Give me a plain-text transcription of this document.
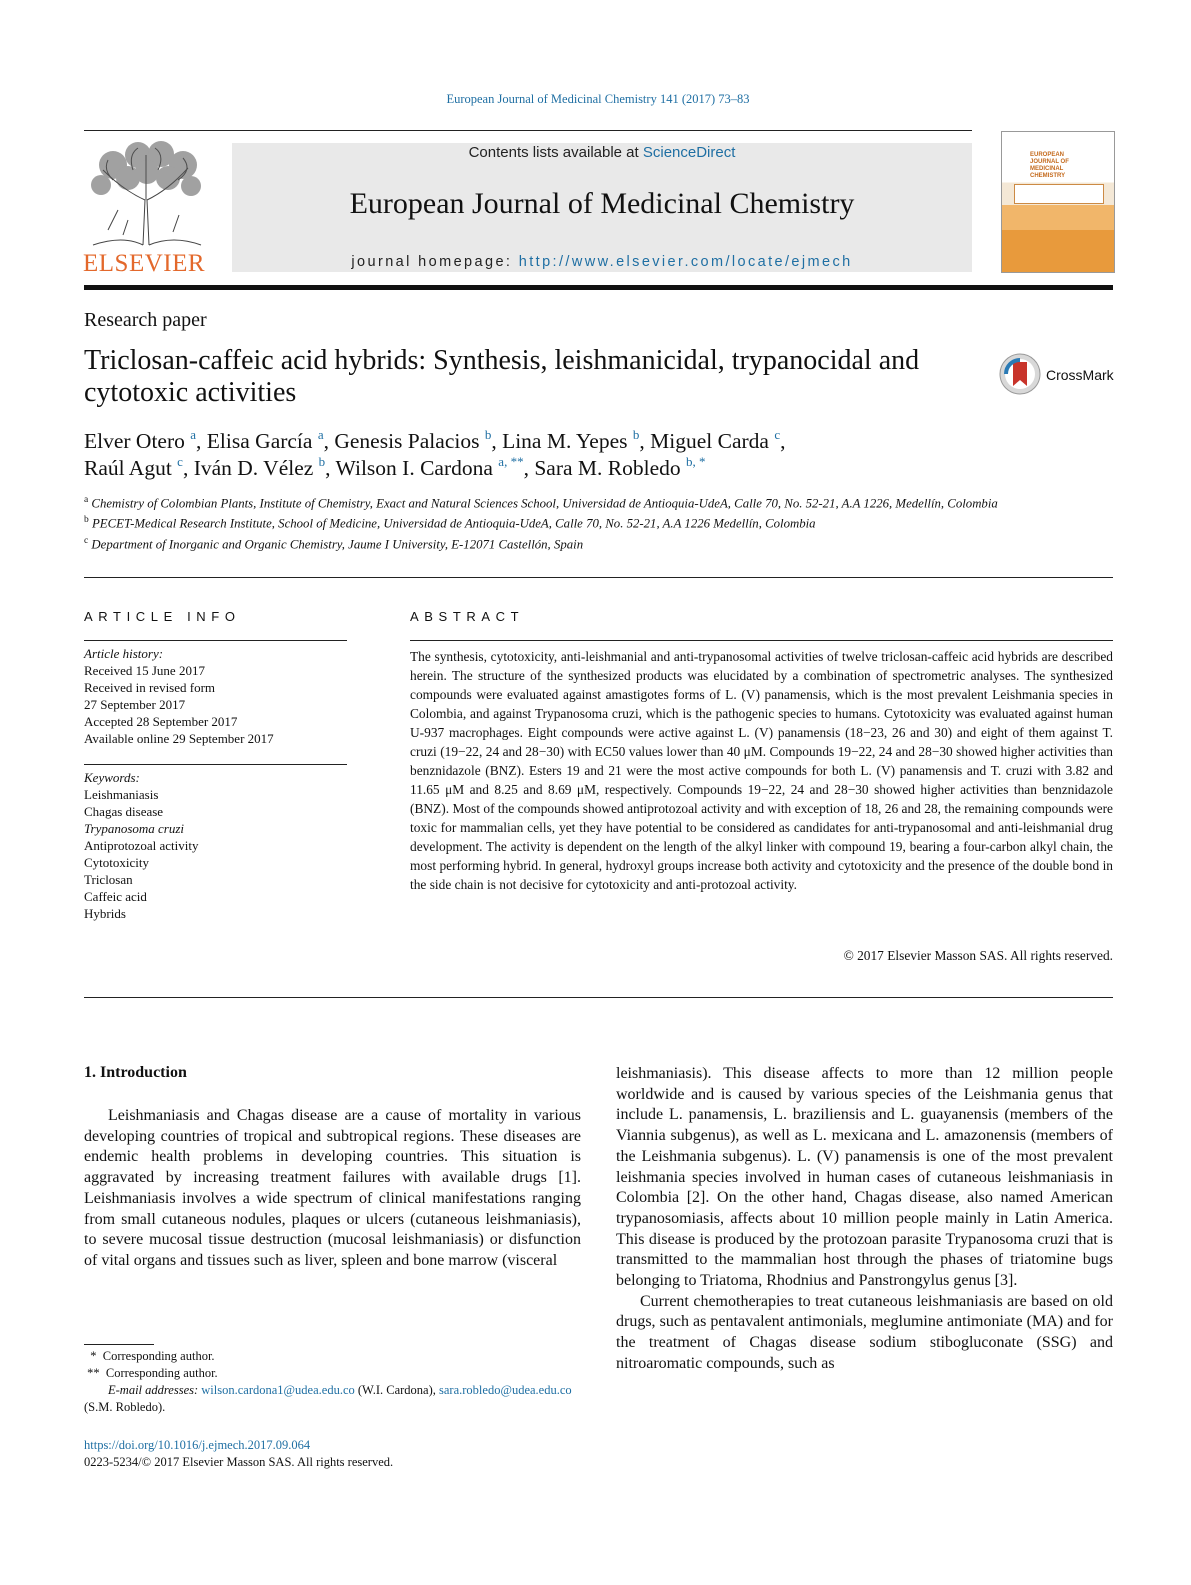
European Journal of Medicinal Chemistry 141 (2017) 73–83
ELSEVIER
Contents lists available at ScienceDirect
European Journal of Medicinal Chemistry
journal homepage: http://www.elsevier.com/locate/ejmech
EUROPEAN JOURNAL OF MEDICINAL CHEMISTRY
Research paper
Triclosan-caffeic acid hybrids: Synthesis, leishmanicidal, trypanocidal and cytotoxic activities
CrossMark
Elver Otero $^a$, Elisa García $^a$, Genesis Palacios $^b$, Lina M. Yepes $^b$, Miguel Carda $^c$,
Raúl Agut $^c$, Iván D. Vélez $^b$, Wilson I. Cardona $^{a, **}$, Sara M. Robledo $^{b, *}$
$^a$ Chemistry of Colombian Plants, Institute of Chemistry, Exact and Natural Sciences School, Universidad de Antioquia-UdeA, Calle 70, No. 52-21, A.A 1226, Medellín, Colombia
$^b$ PECET-Medical Research Institute, School of Medicine, Universidad de Antioquia-UdeA, Calle 70, No. 52-21, A.A 1226 Medellín, Colombia
$^c$ Department of Inorganic and Organic Chemistry, Jaume I University, E-12071 Castellón, Spain
ARTICLE INFO
Article history:
Received 15 June 2017
Received in revised form
27 September 2017
Accepted 28 September 2017
Available online 29 September 2017
Keywords:
Leishmaniasis
Chagas disease
Trypanosoma cruzi
Antiprotozoal activity
Cytotoxicity
Triclosan
Caffeic acid
Hybrids
ABSTRACT
The synthesis, cytotoxicity, anti-leishmanial and anti-trypanosomal activities of twelve triclosan-caffeic acid hybrids are described herein. The structure of the synthesized products was elucidated by a combination of spectrometric analyses. The synthesized compounds were evaluated against amastigotes forms of L. (V) panamensis, which is the most prevalent Leishmania species in Colombia, and against Trypanosoma cruzi, which is the pathogenic species to humans. Cytotoxicity was evaluated against human U-937 macrophages. Eight compounds were active against L. (V) panamensis (18−23, 26 and 30) and eight of them against T. cruzi (19−22, 24 and 28−30) with EC50 values lower than 40 μM. Compounds 19−22, 24 and 28−30 showed higher activities than benznidazole (BNZ). Esters 19 and 21 were the most active compounds for both L. (V) panamensis and T. cruzi with 3.82 and 11.65 μM and 8.25 and 8.69 μM, respectively. Compounds 19−22, 24 and 28−30 showed higher activities than benznidazole (BNZ). Most of the compounds showed antiprotozoal activity and with exception of 18, 26 and 28, the remaining compounds were toxic for mammalian cells, yet they have potential to be considered as candidates for anti-trypanosomal and anti-leishmanial drug development. The activity is dependent on the length of the alkyl linker with compound 19, bearing a four-carbon alkyl chain, the most performing hybrid. In general, hydroxyl groups increase both activity and cytotoxicity and the presence of the double bond in the side chain is not decisive for cytotoxicity and anti-protozoal activity.
© 2017 Elsevier Masson SAS. All rights reserved.
1. Introduction

Leishmaniasis and Chagas disease are a cause of mortality in various developing countries of tropical and subtropical regions. These diseases are endemic health problems in developing countries. This situation is aggravated by increasing treatment failures with available drugs [1]. Leishmaniasis involves a wide spectrum of clinical manifestations ranging from small cutaneous nodules, plaques or ulcers (cutaneous leishmaniasis), to severe mucosal tissue destruction (mucosal leishmaniasis) or disfunction of vital organs and tissues such as liver, spleen and bone marrow (visceral

leishmaniasis). This disease affects to more than 12 million people worldwide and is caused by various species of the Leishmania genus that include L. panamensis, L. braziliensis and L. guayanensis (members of the Viannia subgenus), as well as L. mexicana and L. amazonensis (members of the Leishmania subgenus). L. (V) panamensis is one of the most prevalent leishmania species involved in human cases of cutaneous leishmaniasis in Colombia [2]. On the other hand, Chagas disease, also named American trypanosomiasis, affects about 10 million people mainly in Latin America. This disease is produced by the protozoan parasite Trypanosoma cruzi that is transmitted to the mammalian host through the phases of triatomine bugs belonging to Triatoma, Rhodnius and Panstrongylus genus [3].

Current chemotherapies to treat cutaneous leishmaniasis are based on old drugs, such as pentavalent antimonials, meglumine antimoniate (MA) and for the treatment of Chagas disease sodium stibogluconate (SSG) and nitroaromatic compounds, such as

* Corresponding author.
** Corresponding author.
E-mail addresses: wilson.cardona1@udea.edu.co (W.I. Cardona), sara.robledo@udea.edu.co (S.M. Robledo).
https://doi.org/10.1016/j.ejmech.2017.09.064
0223-5234/© 2017 Elsevier Masson SAS. All rights reserved.
